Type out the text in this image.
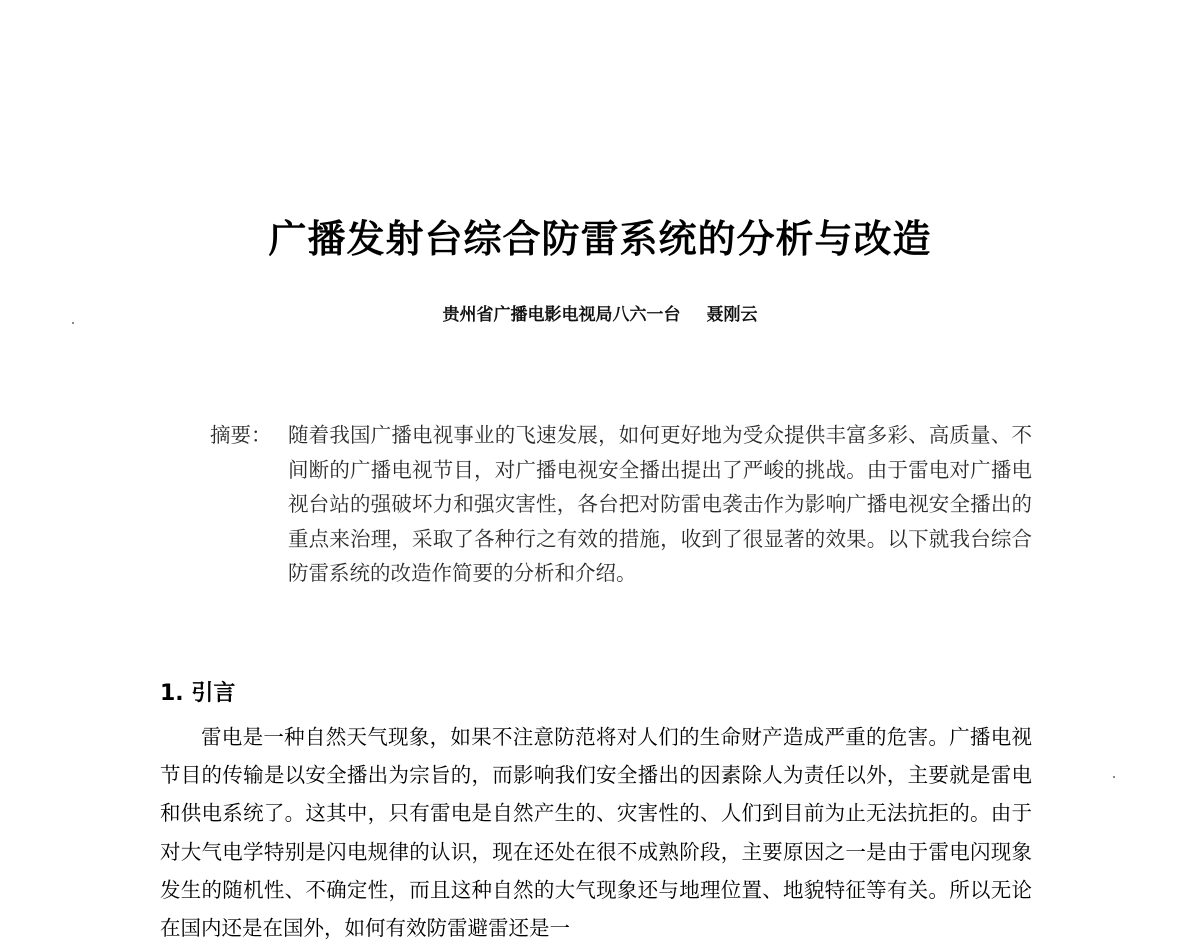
广播发射台综合防雷系统的分析与改造
贵州省广播电影电视局八六一台 聂刚云
摘要： 随着我国广播电视事业的飞速发展，如何更好地为受众提供丰富多彩、高质量、不间断的广播电视节目，对广播电视安全播出提出了严峻的挑战。由于雷电对广播电视台站的强破坏力和强灾害性，各台把对防雷电袭击作为影响广播电视安全播出的重点来治理，采取了各种行之有效的措施，收到了很显著的效果。以下就我台综合防雷系统的改造作简要的分析和介绍。
1. 引言
雷电是一种自然天气现象，如果不注意防范将对人们的生命财产造成严重的危害。广播电视节目的传输是以安全播出为宗旨的，而影响我们安全播出的因素除人为责任以外，主要就是雷电和供电系统了。这其中，只有雷电是自然产生的、灾害性的、人们到目前为止无法抗拒的。由于对大气电学特别是闪电规律的认识，现在还处在很不成熟阶段，主要原因之一是由于雷电闪现象发生的随机性、不确定性，而且这种自然的大气现象还与地理位置、地貌特征等有关。所以无论在国内还是在国外，如何有效防雷避雷还是一
